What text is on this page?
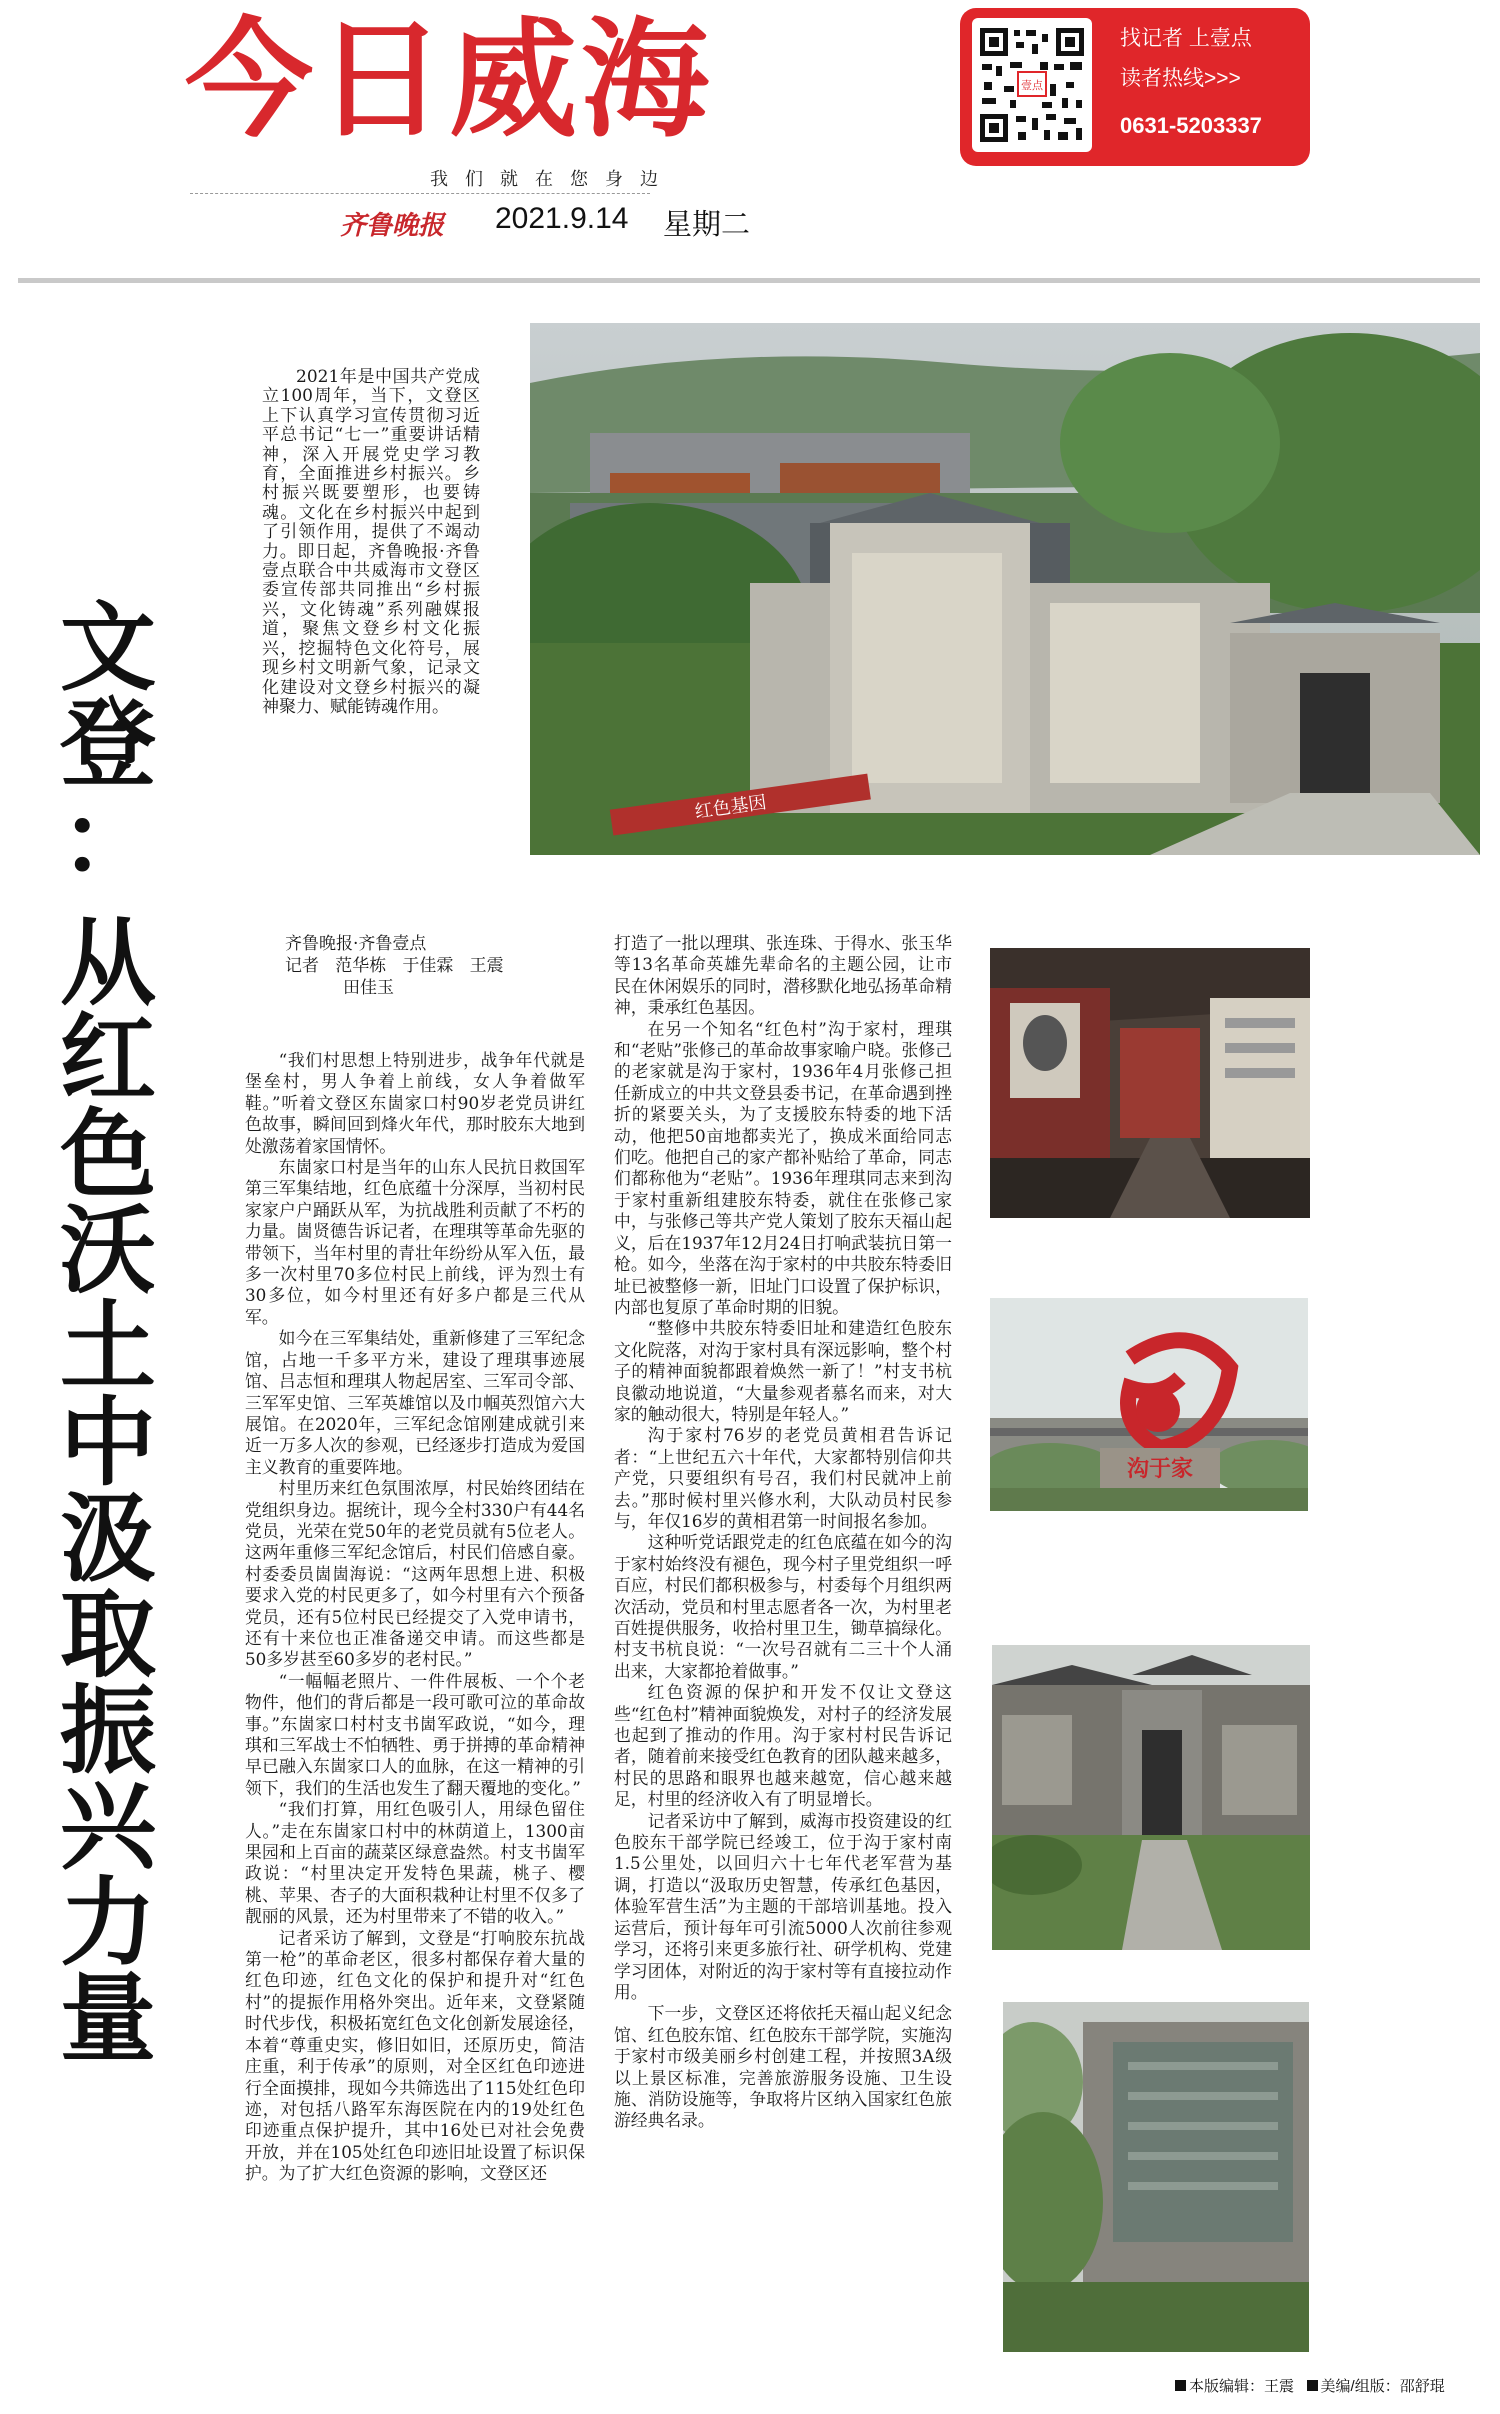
今日威海
我们就在您身边
齐鲁晚报 2021.9.14 星期二
壹点
找记者 上壹点
读者热线>>>
0631-5203337
文
登
：
从
红
色
沃
土
中
汲
取
振
兴
力
量
2021年是中国共产党成立100周年，当下，文登区上下认真学习宣传贯彻习近平总书记“七一”重要讲话精神，深入开展党史学习教育，全面推进乡村振兴。乡村振兴既要塑形，也要铸魂。文化在乡村振兴中起到了引领作用，提供了不竭动力。即日起，齐鲁晚报·齐鲁壹点联合中共威海市文登区委宣传部共同推出“乡村振兴，文化铸魂”系列融媒报道，聚焦文登乡村文化振兴，挖掘特色文化符号，展现乡村文明新气象，记录文化建设对文登乡村振兴的凝神聚力、赋能铸魂作用。
红色基因
齐鲁晚报·齐鲁壹点
记者   范华栋   于佳霖   王震
田佳玉

“我们村思想上特别进步，战争年代就是堡垒村，男人争着上前线，女人争着做军鞋。”听着文登区东崮家口村90岁老党员讲红色故事，瞬间回到烽火年代，那时胶东大地到处激荡着家国情怀。

东崮家口村是当年的山东人民抗日救国军第三军集结地，红色底蕴十分深厚，当初村民家家户户踊跃从军，为抗战胜利贡献了不朽的力量。崮贤德告诉记者，在理琪等革命先驱的带领下，当年村里的青壮年纷纷从军入伍，最多一次村里70多位村民上前线，评为烈士有30多位，如今村里还有好多户都是三代从军。

如今在三军集结处，重新修建了三军纪念馆，占地一千多平方米，建设了理琪事迹展馆、吕志恒和理琪人物起居室、三军司令部、三军军史馆、三军英雄馆以及巾帼英烈馆六大展馆。在2020年，三军纪念馆刚建成就引来近一万多人次的参观，已经逐步打造成为爱国主义教育的重要阵地。

村里历来红色氛围浓厚，村民始终团结在党组织身边。据统计，现今全村330户有44名党员，光荣在党50年的老党员就有5位老人。这两年重修三军纪念馆后，村民们倍感自豪。村委委员崮崮海说：“这两年思想上进、积极要求入党的村民更多了，如今村里有六个预备党员，还有5位村民已经提交了入党申请书，还有十来位也正准备递交申请。而这些都是50多岁甚至60多岁的老村民。”

“一幅幅老照片、一件件展板、一个个老物件，他们的背后都是一段可歌可泣的革命故事。”东崮家口村村支书崮军政说，“如今，理琪和三军战士不怕牺牲、勇于拼搏的革命精神早已融入东崮家口人的血脉，在这一精神的引领下，我们的生活也发生了翻天覆地的变化。”

“我们打算，用红色吸引人，用绿色留住人。”走在东崮家口村中的林荫道上，1300亩果园和上百亩的蔬菜区绿意盎然。村支书崮军政说：“村里决定开发特色果蔬，桃子、樱桃、苹果、杏子的大面积栽种让村里不仅多了靓丽的风景，还为村里带来了不错的收入。”

记者采访了解到，文登是“打响胶东抗战第一枪”的革命老区，很多村都保存着大量的红色印迹，红色文化的保护和提升对“红色村”的提振作用格外突出。近年来，文登紧随时代步伐，积极拓宽红色文化创新发展途径，本着“尊重史实，修旧如旧，还原历史，简洁庄重，利于传承”的原则，对全区红色印迹进行全面摸排，现如今共筛选出了115处红色印迹，对包括八路军东海医院在内的19处红色印迹重点保护提升，其中16处已对社会免费开放，并在105处红色印迹旧址设置了标识保护。为了扩大红色资源的影响，文登区还

打造了一批以理琪、张连珠、于得水、张玉华等13名革命英雄先辈命名的主题公园，让市民在休闲娱乐的同时，潜移默化地弘扬革命精神，秉承红色基因。

在另一个知名“红色村”沟于家村，理琪和“老贴”张修己的革命故事家喻户晓。张修己的老家就是沟于家村，1936年4月张修己担任新成立的中共文登县委书记，在革命遇到挫折的紧要关头，为了支援胶东特委的地下活动，他把50亩地都卖光了，换成米面给同志们吃。他把自己的家产都补贴给了革命，同志们都称他为“老贴”。1936年理琪同志来到沟于家村重新组建胶东特委，就住在张修己家中，与张修己等共产党人策划了胶东天福山起义，后在1937年12月24日打响武装抗日第一枪。如今，坐落在沟于家村的中共胶东特委旧址已被整修一新，旧址门口设置了保护标识，内部也复原了革命时期的旧貌。

“整修中共胶东特委旧址和建造红色胶东文化院落，对沟于家村具有深远影响，整个村子的精神面貌都跟着焕然一新了！”村支书杭良徽动地说道，“大量参观者慕名而来，对大家的触动很大，特别是年轻人。”

沟于家村76岁的老党员黄相君告诉记者：“上世纪五六十年代，大家都特别信仰共产党，只要组织有号召，我们村民就冲上前去。”那时候村里兴修水利，大队动员村民参与，年仅16岁的黄相君第一时间报名参加。

这种听党话跟党走的红色底蕴在如今的沟于家村始终没有褪色，现今村子里党组织一呼百应，村民们都积极参与，村委每个月组织两次活动，党员和村里志愿者各一次，为村里老百姓提供服务，收拾村里卫生，锄草搞绿化。村支书杭良说：“一次号召就有二三十个人涌出来，大家都抢着做事。”

红色资源的保护和开发不仅让文登这些“红色村”精神面貌焕发，对村子的经济发展也起到了推动的作用。沟于家村村民告诉记者，随着前来接受红色教育的团队越来越多，村民的思路和眼界也越来越宽，信心越来越足，村里的经济收入有了明显增长。

记者采访中了解到，威海市投资建设的红色胶东干部学院已经竣工，位于沟于家村南1.5公里处，以回归六十七年代老军营为基调，打造以“汲取历史智慧，传承红色基因，体验军营生活”为主题的干部培训基地。投入运营后，预计每年可引流5000人次前往参观学习，还将引来更多旅行社、研学机构、党建学习团体，对附近的沟于家村等有直接拉动作用。

下一步，文登区还将依托天福山起义纪念馆、红色胶东馆、红色胶东干部学院，实施沟于家村市级美丽乡村创建工程，并按照3A级以上景区标准，完善旅游服务设施、卫生设施、消防设施等，争取将片区纳入国家红色旅游经典名录。

沟于家
本版编辑：王震 美编/组版：邵舒琨
